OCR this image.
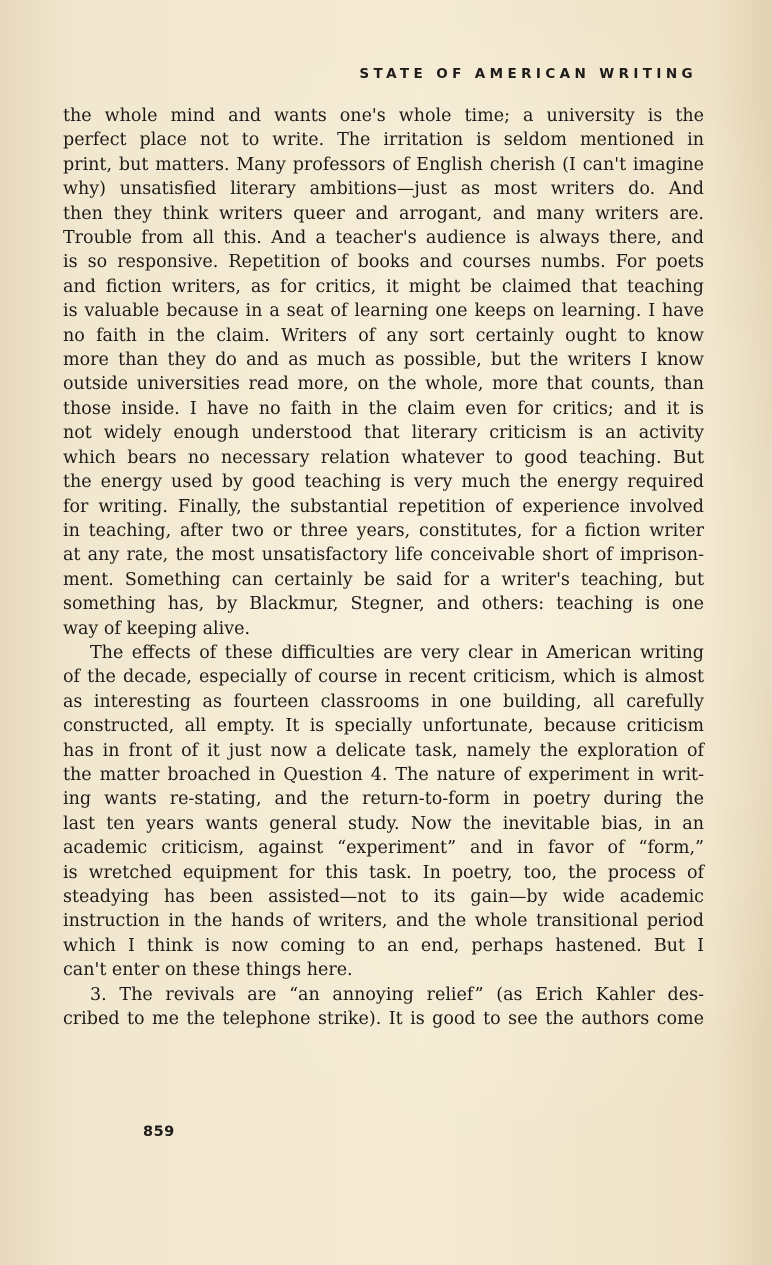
STATE OF AMERICAN WRITING

the whole mind and wants one's whole time; a university is the

perfect place not to write. The irritation is seldom mentioned in

print, but matters. Many professors of English cherish (I can't imagine

why) unsatisfied literary ambitions—just as most writers do. And

then they think writers queer and arrogant, and many writers are.

Trouble from all this. And a teacher's audience is always there, and

is so responsive. Repetition of books and courses numbs. For poets

and fiction writers, as for critics, it might be claimed that teaching

is valuable because in a seat of learning one keeps on learning. I have

no faith in the claim. Writers of any sort certainly ought to know

more than they do and as much as possible, but the writers I know

outside universities read more, on the whole, more that counts, than

those inside. I have no faith in the claim even for critics; and it is

not widely enough understood that literary criticism is an activity

which bears no necessary relation whatever to good teaching. But

the energy used by good teaching is very much the energy required

for writing. Finally, the substantial repetition of experience involved

in teaching, after two or three years, constitutes, for a fiction writer

at any rate, the most unsatisfactory life conceivable short of imprison-

ment. Something can certainly be said for a writer's teaching, but

something has, by Blackmur, Stegner, and others: teaching is one

way of keeping alive.

The effects of these difficulties are very clear in American writing

of the decade, especially of course in recent criticism, which is almost

as interesting as fourteen classrooms in one building, all carefully

constructed, all empty. It is specially unfortunate, because criticism

has in front of it just now a delicate task, namely the exploration of

the matter broached in Question 4. The nature of experiment in writ-

ing wants re-stating, and the return-to-form in poetry during the

last ten years wants general study. Now the inevitable bias, in an

academic criticism, against “experiment” and in favor of “form,”

is wretched equipment for this task. In poetry, too, the process of

steadying has been assisted—not to its gain—by wide academic

instruction in the hands of writers, and the whole transitional period

which I think is now coming to an end, perhaps hastened. But I

can't enter on these things here.

3. The revivals are “an annoying relief” (as Erich Kahler des-

cribed to me the telephone strike). It is good to see the authors come

859
